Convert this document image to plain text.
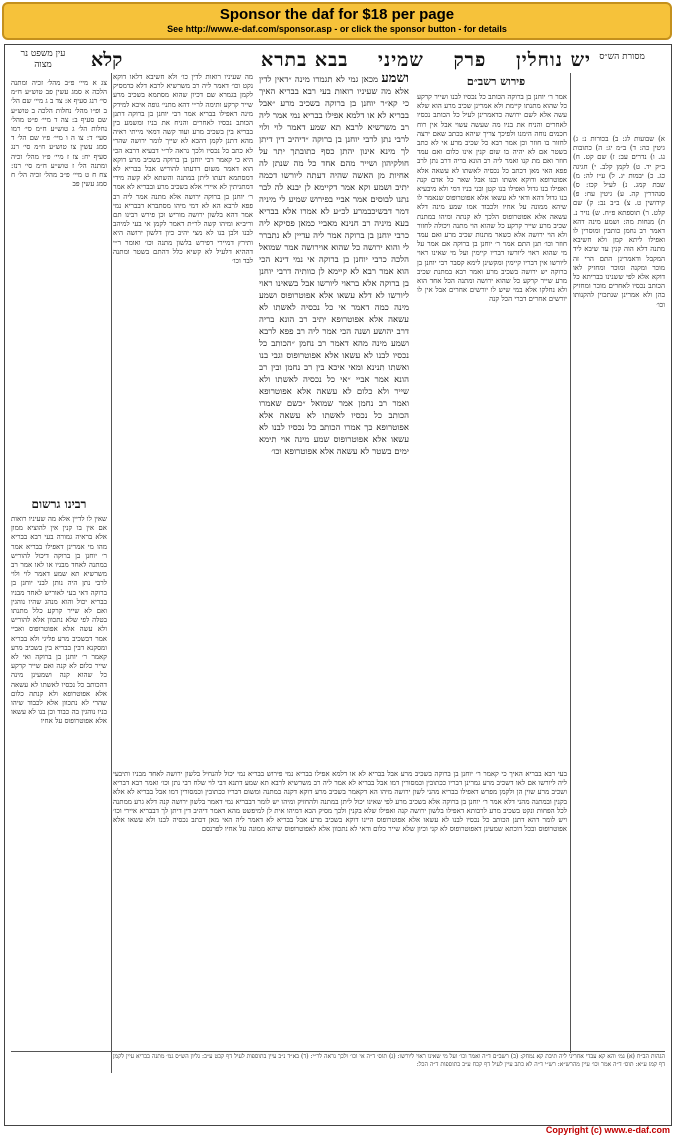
Sponsor the daf for $18 per page
See http://www.e-daf.com/sponsor.asp - or click the sponsor button - for details
מסורת הש״ס
יש נוחלין
פרק
שמיני
בבא בתרא
קלא
עין משפט נר מצוה
פירוש רשב״ם

א) שבועות לג: ב) בכורות נ: ג) גיטין כה: ד) ב״מ יג: ה) כתובות נג. ו) נדרים עב: ז) שם קט. ח) ב״ק יד. ט) לקמן קלב. י) חגיגה כג. כ) יבמות יג. ל) ע״ז לה: מ) שבת קמג. נ) לעיל קכז: ס) סנהדרין קה. ע) גיטין עח: פ) קידושין ט. צ) ב״ב נב: ק) שם קלט. ר) תוספתא פ״ח. ש) נזיר נ. ת) מנחות מה: ושמע מינה דהא דאמר רב נחמן כותבין ומוסרין לו ואפילו ליתא קמן ולא חשיבא מתנה דלא הוה קנין עד שיבא ליד המקבל ודאמרינן התם הרי זה מוכר ומקנה ומוכר ומחזיק לאו דוקא אלא לפי ששנינו בבריתא כל הכותב נכסיו לאחרים מוכר ומחזיק בהן ולא אמרינן שנתכוין להקנותו וכו׳

אמר ר׳ יוחנן בן ברוקה הכותב כל נכסיו לבנו ושייר קרקע כל שהוא מתנתו קיימת ולא אמרינן שכיב מרע הוא שלא עשה אלא לשם ירושה כדאמרינן לעיל כל הכותב נכסיו לאחרים והניח את בניו מה שעשה עשוי אבל אין רוח חכמים נוחה הימנו ולפיכך צריך שיהא בכתב שאם ירצה לחזור בו חוזר וכן אמר רבא כל שכיב מרע אי לא כתב בשטר אם לא יהיה בו שום קנין אינו כלום ואם עמד חוזר ואם מת קנו ואמר ליה רב הונא בריה דרב נתן לרב פפא האי מאן דכתב כל נכסיה לאשתו לא עשאה אלא אפוטרופא ודוקא אשתו ובנו אבל שאר כל אדם קנה ואפילו בנו גדול ואפילו בנו קטן ובני בניו דמי ולא מיבעיא בנו גדול דהא ודאי לא עשאו אלא אפוטרופוס שנאמר לו שיהא ממונה על אחיו ולכבוד אמו שמע מינה דלא עשאה אלא אפוטרופוס הלכך לא קנתה ומיהו במתנת שכיב מרע שייר קרקע כל שהוא הוי מתנה ויכולה לחזור ולא הוי ירושה אלא כשאר מתנות שכיב מרע ואם עמד חוזר וכו׳ תנן התם אמר ר׳ יוחנן בן ברוקה אם אמר על מי שהוא ראוי ליורשו דבריו קיימין ועל מי שאינו ראוי ליורשו אין דבריו קיימין ומקשינן לימא קסבר רבי יוחנן בן ברוקה יש ירושה בשכיב מרע ואמר רבא במתנת שכיב מרע שייר קרקע כל שהוא ירושה ומתנה הכל אחד הוא ולא נחלקו אלא במי שיש לו יורשים אחרים אבל אין לו יורשים אחרים דברי הכל קנה

ושמע מכאן גמי לא תגמרו מינה ״דאין לדין אלא מה שעיניו רואות בעי רבא בבריא האיך כי קא״ר יוחנן בן ברוקה בשכיב מרע ״אבל בבריא לא או דלמא אפילו בבריא נמי אמר ליה רב משרשיא לרבא תא שמע דאמר לוי ולוי לרבי נתן לרבי יוחנן בן ברוקה ״דיהיב דין דיתן לך מינא אינון יהתן כסף כתובתך יתר על חולקיהון ושייר מהם אחד כל מה שנתן לה אחיות מן האשה שהיה דעתה ליורשו דכמה יתיב ושמע וקא אמר דקיימא לן יבנא לה לבר נתנו לבוסים אמר אביי בפירוש שמיע לי מיניה דמר דבשיכבמרע לכ״ע לא אמרו אלא בבריא בעא מיניה רב חנינא מאביי כמאן פסיקא ליה כרבי יוחנן בן ברוקה אמר ליה עדיין לא נתברר לי והוא ירושה כל שהוא אוירושה אמר שמואל הלכה כרבי יוחנן בן ברוקה אי נמי דינא הכי הוא אמר רבא לא קיימא לן כוותיה דרבי יוחנן בן ברוקה אלא בראוי ליורשו אבל בשאינו ראוי ליורשו לא דלא עשאו אלא אפוטרופוס ושמע מינה כמה דאמר אי כל נכסיה לאשתו לא עשאה אלא אפוטרופא יתיב רב הונא בריה דרב יהושע ושנה הכי אמר ליה רב פפא לרבא ושמע מינה מהא דאמר רב נחמן ״הכותב כל נכסיו לבנו לא עשאו אלא אפוטרופוס וגבי בנו ואשתו תנינא ומאי איכא בין רב נחמן ובין רב הונא אמר אביי ״אי כל נכסיה לאשתו ולא שייר ולא כלום לא עשאה אלא אפוטרופא ואמר רב נחמן אמר שמואל ״כשם שאמרו הכותב כל נכסיו לאשתו לא עשאה אלא אפוטרופא כך אמרו הכותב כל נכסיו לבנו לא עשאו אלא אפוטרופוס שמע מינה אוי תימא ימים בשטר לא עשאה אלא אפוטרופא וכו׳

מה שעיניו רואות לדין כו׳ ולא חשיבא דלאו דוקא נקט וכו׳ דאמר ליה רב משרשיא לרבא דלא כדמסיק לקמן בגמרא שם דכיון שהוא מסתמא בשכיב מרע שייר קרקע ותימה לר״י דהא מתני׳ גופה איכא למידק מינה דאפילו בבריא אמר רבי יוחנן בן ברוקה דתנן הכותב נכסיו לאחרים והניח את בניו ומשמע בין בבריא בין בשכיב מרע ועוד קשה דמאי מייתי ראיה מהא דתנן לקמן דהכא לא שייך לומר ירושה שהרי לא כתב כל נכסיו ולכך נראה לר״י דבעיא דרבא הכי היא כי קאמר רבי יוחנן בן ברוקה בשכיב מרע דוקא הוא דאמר משום דדעתו להוריש אבל בבריא לא דמסתמא דעתו ליתן במתנה והשתא לא קשה מידי דמתניתין לא איירי אלא בשכיב מרע ובבריא לא אמר ר׳ יוחנן בן ברוקה ירושה אלא מתנה אמר ליה רב פפא לרבא הא לא דמי מיהו מסתברא דבבריא נמי אמר דהא בלשון ירושה מוריש וכן פירש רבינו תם וריב״א ומיהו קשה לר״ת דאמר לקמן אי בעי למיהב לבנו ולבן בנו לא מצי יהיב כיון דלשון ירושה היא ותירץ דמיירי דפירש בלשון מתנה וכו׳ ואומר ר״י דההיא דלעיל לא קשיא כלל דהתם בשטר ומתנה לבד וכו׳

צג א מיי׳ פ״ב מהל׳ זכיה ומתנה הלכה א סמג עשין פב טוש״ע ח״מ סי׳ רנג סעיף א: צד ב ג מיי׳ שם הל׳ ב ופ״ו מהל׳ נחלות הלכה ב טוש״ע שם סעיף ב: צה ד מיי׳ פ״ט מהל׳ נחלות הל׳ ג טוש״ע ח״מ סי׳ רמו סעי׳ ד: צו ה ו מיי׳ פ״ו שם הל׳ ד סמג עשין צו טוש״ע ח״מ סי׳ רנג סעיף יח: צז ז מיי׳ פ״ו מהל׳ זכיה ומתנה הל׳ ז טוש״ע ח״מ סי׳ רנז: צח ח ט מיי׳ פ״ב מהל׳ זכיה הל׳ ח סמג עשין פב

רבינו גרשום

שאין לו לדיין אלא מה שעיניו רואות אם אין בו קנין אין להוציא ממון אלא בראיה גמורה בעי רבא בבריא מהו מי אמרינן דאפילו בבריא אמר ר׳ יוחנן בן ברוקה דיכול להוריש במתנה לאחד מבניו או לאו אמר רב משרשיא תא שמע דאמר לוי ולוי לרבי נתן היה נותן לבני יוחנן בן ברוקה דאי בעי לאוריש לאחד מבניו בבריא יכול והוא מנהג שהיו נוהגין ואם לא שייר קרקע כלל מתנתו בטלה לפי שלא נתכוון אלא להוריש ולא עשה אלא אפוטרופוס ואביי אמר דבשכיב מרע פליגי ולא בבריא ומסקנא דבין בבריא בין בשכיב מרע קאמר ר׳ יוחנן בן ברוקה ואי לא שייר כלום לא קנה ואם שייר קרקע כל שהוא קנה ושמעינן מינה דהכותב כל נכסיו לאשתו לא עשאה אלא אפוטרופא ולא קנתה כלום שהרי לא נתכוון אלא לכבוד שיהו בניו נוהגין בה כבוד וכן בנו לא עשאו אלא אפוטרופוס על אחיו

בעי רבא בבריא האיך כי קאמר ר׳ יוחנן בן ברוקה בשכיב מרע אבל בבריא לא או דלמא אפילו בבריא נמי פירוש בבריא נמי יכול להנחיל בלשון ירושה לאחד מבניו ותיבעי ליה ליורשו אם לאו דשכיב מרע גמרינן דבריו ככתובין וכמסורין דמו אבל בבריא לא אמר ליה רב משרשיא לרבא תא שמע דתנא דבי לוי שלח רבי נתן וכו׳ ואמר רבא דבריא ושכיב מרע שוין הן ולקמן מפרש דאפילו בבריא מהני לשון ירושה מיהו הא דקאמר בשכיב מרע דוקא דקנה במתנה ומשום דבריו ככתובין וכמסורין דמו אבל בבריא לא אלא בקנין ובמתנה מהני דלא אמר ר׳ יוחנן בן ברוקה אלא בשכיב מרע לפי שאינו יכול ליתן במתנה ולהחזיק ומיהו יש לומר דבבריא נמי דאמר בלשון ירושה קנה דלא גרע ממתנה לכל הפחות ונקט בשכיב מרע לרבותא דאפילו בלשון ירושה קנה ואפילו שלא בקנין ולכך מסיק הכא דמיהו אית לן למיפשט מהא דאמר דיהיב דין דיתן לך דבבריא איירי וכו׳ ויש לומר דהא דתנן הכותב כל נכסיו לבנו לא עשאו אלא אפוטרופוס היינו דוקא בשכיב מרע אבל בבריא לא דאמר ליה האי מאן דכתב נכסיה לבנו ולא עשאו אלא אפוטרופוס ובכל דוכתא שמעינן דאפוטרופוס לא קני וכיון שלא שייר כלום ודאי לא נתכוון אלא לאפוטרופוס שיהא ממונה על אחיו לפרנסם

הגהות הב״ח (א) גמ׳ והא קא עבדי אחריני ליה תיבת קא נמחק: (ב) רשב״ם ד״ה ואמר וכו׳ ועל מי שאינו ראוי ליורשו: (ג) תוס׳ ד״ה אי וכו׳ ולכך נראה לר״י: (ד) בא״ד נ״ב עיין בתוספות לעיל דף קכט ע״ב: גליון הש״ס גמ׳ מתנה בבריא עיין לקמן דף קמז ע״א: תוס׳ ד״ה אמר וכו׳ עיין מהרש״א: רש״י ד״ה לא כתב עיין לעיל דף קכח ע״ב בתוספות ד״ה הכל:

Copyright (c) www.e-daf.com
